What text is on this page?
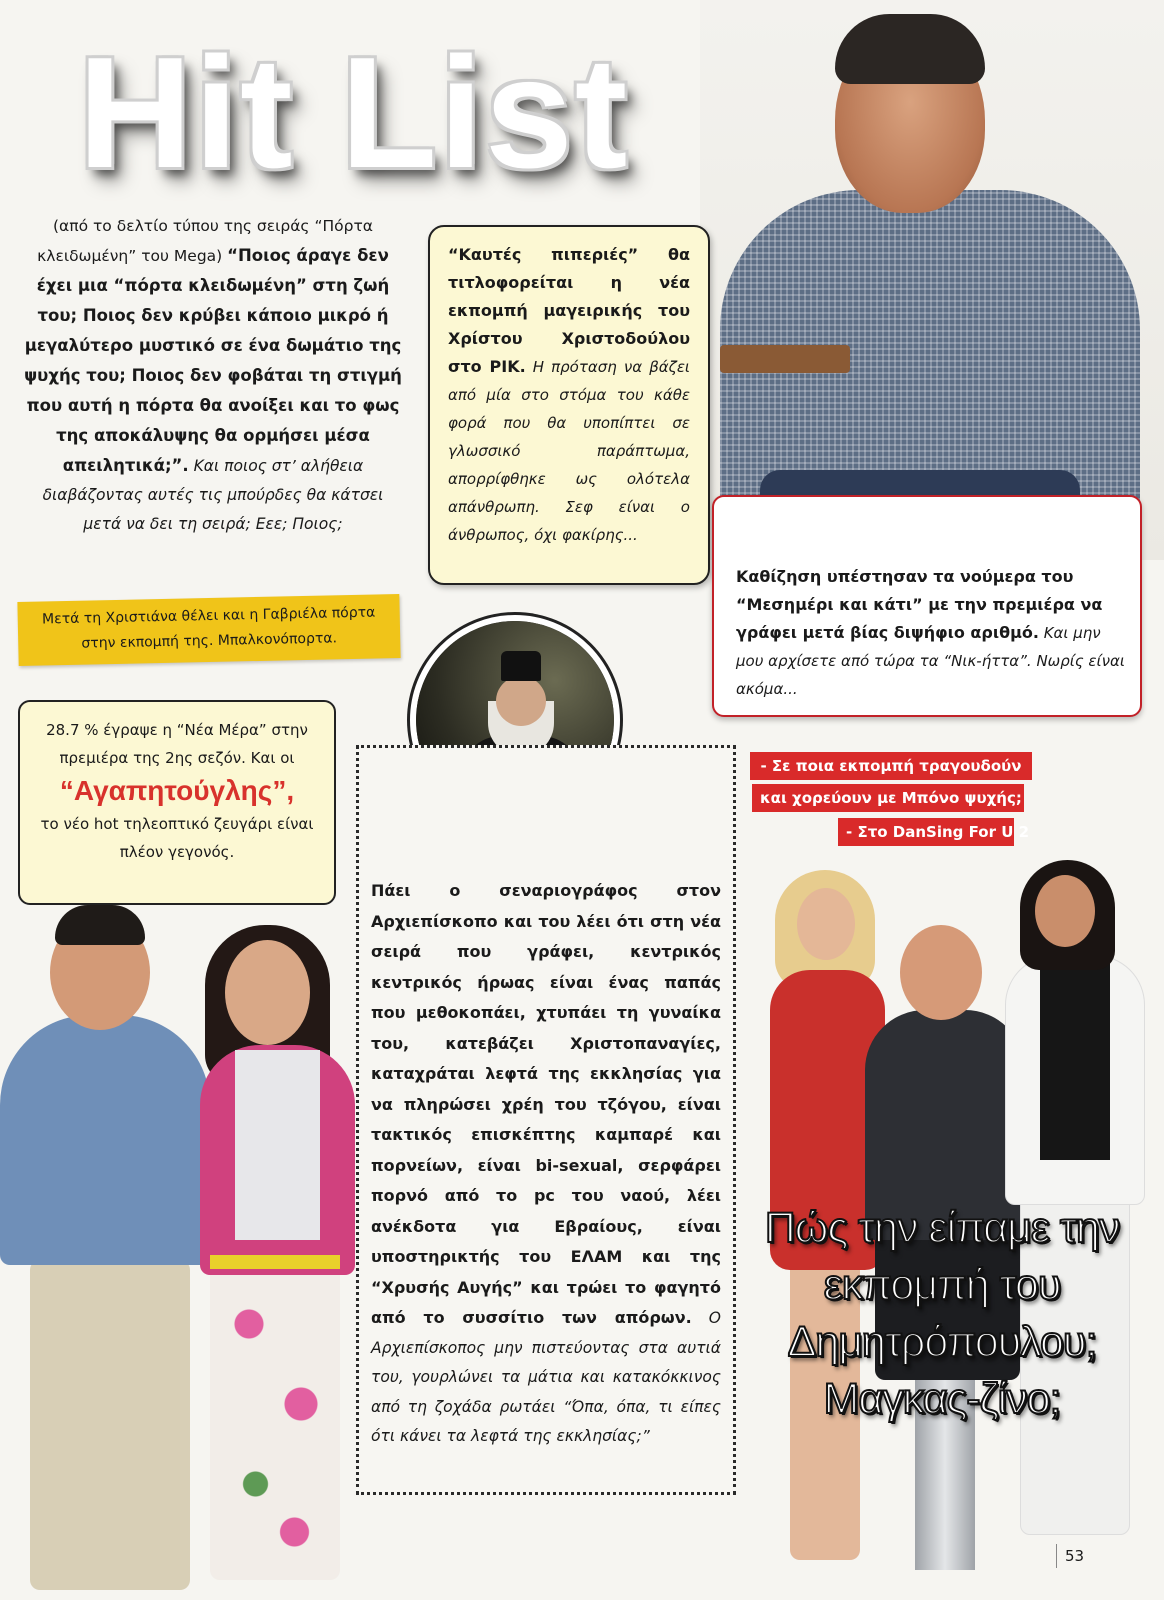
Hit List
(από το δελτίο τύπου της σειράς “Πόρτα κλειδωμένη” του Mega) “Ποιος άραγε δεν έχει μια “πόρτα κλειδωμένη” στη ζωή του; Ποιος δεν κρύβει κάποιο μικρό ή μεγαλύτερο μυστικό σε ένα δωμάτιο της ψυχής του; Ποιος δεν φοβάται τη στιγμή που αυτή η πόρτα θα ανοίξει και το φως της αποκάλυψης θα ορμήσει μέσα απειλητικά;”. Και ποιος στ’ αλήθεια διαβάζοντας αυτές τις μπούρδες θα κάτσει μετά να δει τη σειρά; Εεε; Ποιος;
“Καυτές πιπεριές” θα τιτλοφορείται η νέα εκπομπή μαγειρικής του Χρίστου Χριστοδούλου στο ΡΙΚ. Η πρόταση να βάζει από μία στο στόμα του κάθε φορά που θα υποπίπτει σε γλωσσικό παράπτωμα, απορρίφθηκε ως ολότελα απάνθρωπη. Σεφ είναι ο άνθρωπος, όχι φακίρης...
Καθίζηση υπέστησαν τα νούμερα του “Μεσημέρι και κάτι” με την πρεμιέρα να γράφει μετά βίας διψήφιο αριθμό. Και μην μου αρχίσετε από τώρα τα “Νικ-ήττα”. Νωρίς είναι ακόμα...
Μετά τη Χριστιάνα θέλει και η Γαβριέλα πόρτα στην εκπομπή της. Μπαλκονόπορτα.
28.7 % έγραψε η “Νέα Μέρα” στην πρεμιέρα της 2ης σεζόν. Και οι
“Αγαπητούγλης”,
το νέο hot τηλεοπτικό ζευγάρι είναι πλέον γεγονός.
Πάει ο σεναριογράφος στον Αρχιεπίσκοπο και του λέει ότι στη νέα σειρά που γράφει, κεντρικός κεντρικός ήρωας είναι ένας παπάς που μεθοκοπάει, χτυπάει τη γυναίκα του, κατεβάζει Χριστοπαναγίες, καταχράται λεφτά της εκκλησίας για να πληρώσει χρέη του τζόγου, είναι τακτικός επισκέπτης καμπαρέ και πορνείων, είναι bi-sexual, σερφάρει πορνό από το pc του ναού, λέει ανέκδοτα για Εβραίους, είναι υποστηρικτής του ΕΛΑΜ και της “Χρυσής Αυγής” και τρώει το φαγητό από το συσσίτιο των απόρων. Ο Αρχιεπίσκοπος μην πιστεύοντας στα αυτιά του, γουρλώνει τα μάτια και κατακόκκινος από τη ζοχάδα ρωτάει “Όπα, όπα, τι είπες ότι κάνει τα λεφτά της εκκλησίας;”
- Σε ποια εκπομπή τραγουδούν
και χορεύουν με Μπόνο ψυχής;
- Στο DanSing For U 2
Πώς την είπαμε την εκπομπή του Δημητρόπουλου; Μαγκας-ζίνο;
53
